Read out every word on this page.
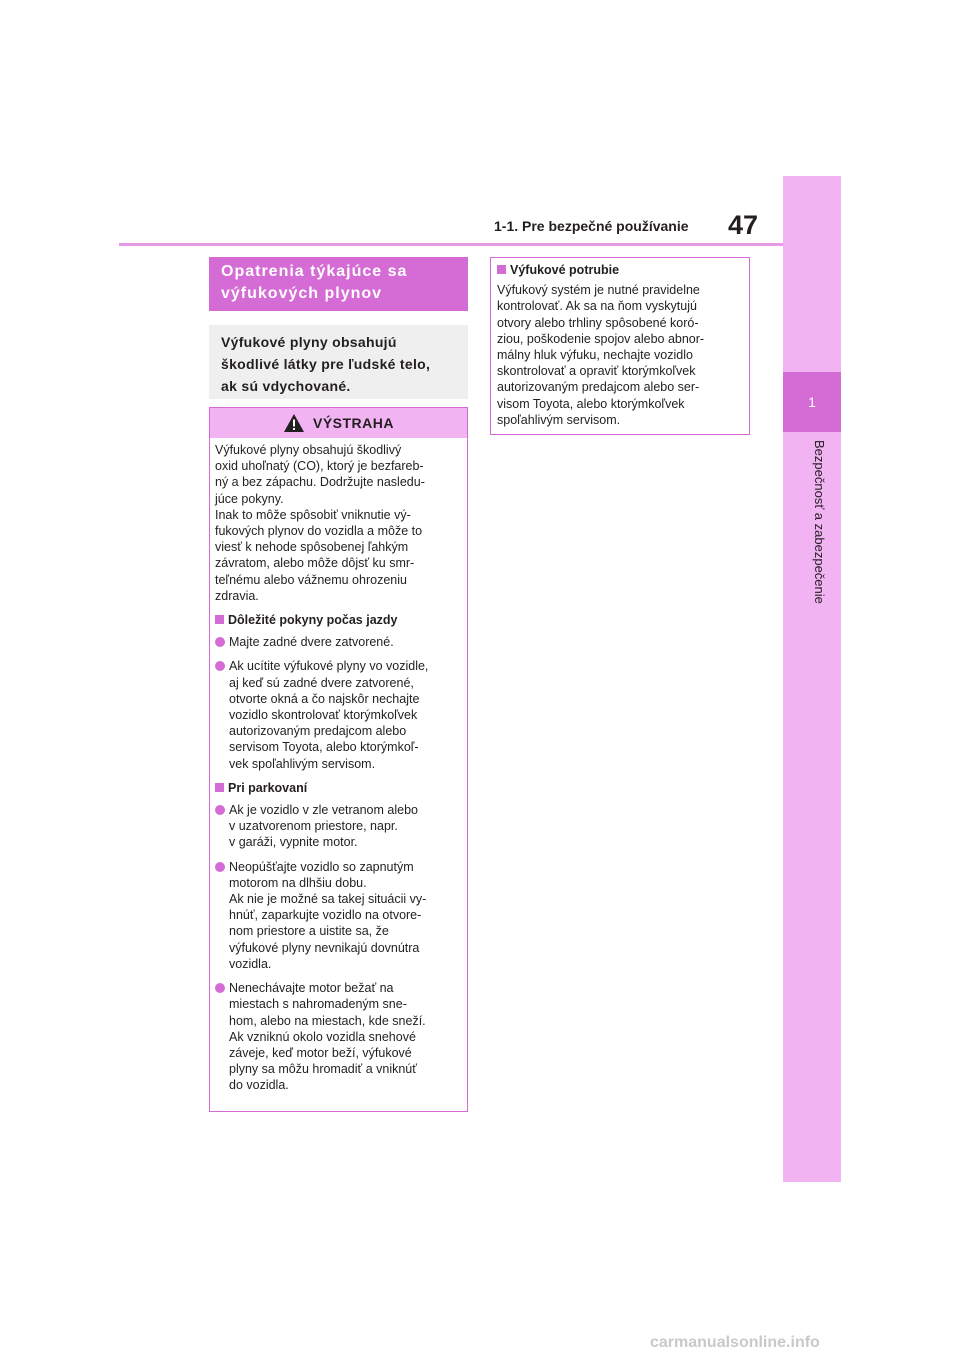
47
1-1. Pre bezpečné používanie
1
Bezpečnosť a zabezpečenie
Opatrenia týkajúce sa
výfukových plynov
Výfukové plyny obsahujú
škodlivé látky pre ľudské telo,
ak sú vdychované.
VÝSTRAHA
Výfukové plyny obsahujú škodlivý
oxid uhoľnatý (CO), ktorý je bezfareb-
ný a bez zápachu. Dodržujte nasledu-
júce pokyny.
Inak to môže spôsobiť vniknutie vý-
fukových plynov do vozidla a môže to
viesť k nehode spôsobenej ľahkým
závratom, alebo môže dôjsť ku smr-
teľnému alebo vážnemu ohrozeniu
zdravia.
Dôležité pokyny počas jazdy
Majte zadné dvere zatvorené.
Ak ucítite výfukové plyny vo vozidle,
aj keď sú zadné dvere zatvorené,
otvorte okná a čo najskôr nechajte
vozidlo skontrolovať ktorýmkoľvek
autorizovaným predajcom alebo
servisom Toyota, alebo ktorýmkoľ-
vek spoľahlivým servisom.
Pri parkovaní
Ak je vozidlo v zle vetranom alebo
v uzatvorenom priestore, napr.
v garáži, vypnite motor.
Neopúšťajte vozidlo so zapnutým
motorom na dlhšiu dobu.
Ak nie je možné sa takej situácii vy-
hnúť, zaparkujte vozidlo na otvore-
nom priestore a uistite sa, že
výfukové plyny nevnikajú dovnútra
vozidla.
Nenechávajte motor bežať na
miestach s nahromadeným sne-
hom, alebo na miestach, kde sneží.
Ak vzniknú okolo vozidla snehové
záveje, keď motor beží, výfukové
plyny sa môžu hromadiť a vniknúť
do vozidla.
Výfukové potrubie
Výfukový systém je nutné pravidelne
kontrolovať. Ak sa na ňom vyskytujú
otvory alebo trhliny spôsobené koró-
ziou, poškodenie spojov alebo abnor-
málny hluk výfuku, nechajte vozidlo
skontrolovať a opraviť ktorýmkoľvek
autorizovaným predajcom alebo ser-
visom Toyota, alebo ktorýmkoľvek
spoľahlivým servisom.
carmanualsonline.info
